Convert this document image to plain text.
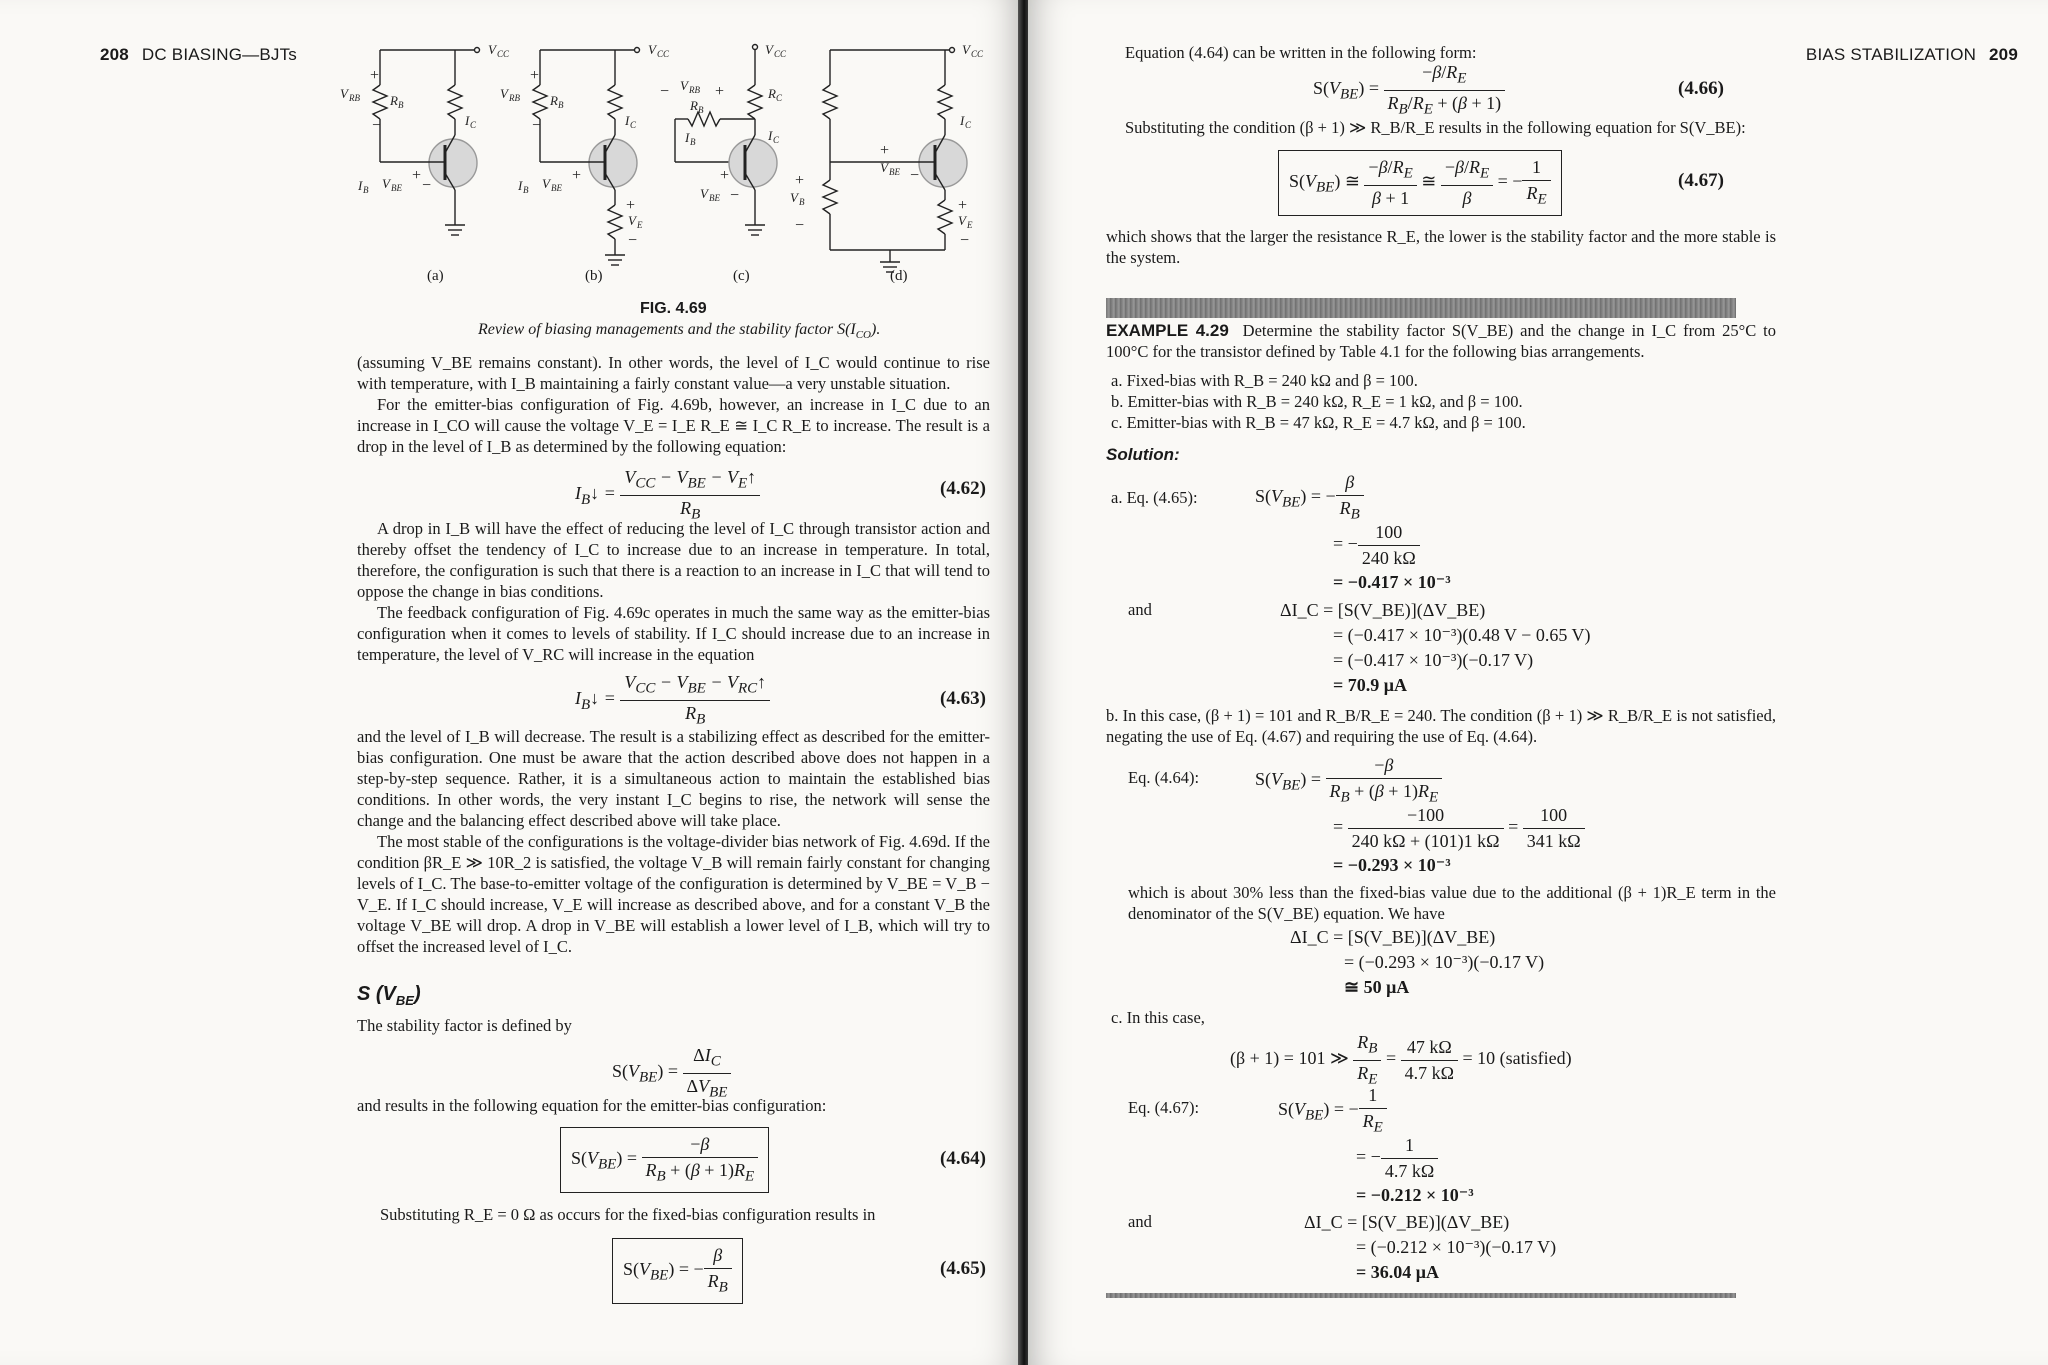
208 DC BIASING—BJTs	V CC
V RB R B
I C
I B V BE
+
−
+
−
V CC
V RB R B
I C
I B V BE
V E
+
−
+
+
−
V CC
V RB
R B
R C
I C
I B
V BE
−	+
+
−
V CC
I C
V BE
V B
V E
+
−
+
−
+
−
(a)	(b)	(c)	(d)
FIG. 4.69
Review of biasing managements and the stability factor $S(I_{CO})$.

(assuming V_BE remains constant). In other words, the level of I_C would continue to rise with temperature, with I_B maintaining a fairly constant value—a very unstable situation.

For the emitter-bias configuration of Fig. 4.69b, however, an increase in I_C due to an increase in I_CO will cause the voltage V_E = I_E R_E ≅ I_C R_E to increase. The result is a drop in the level of I_B as determined by the following equation:

$I_B↓ = \frac{V_{CC} - V_{BE} - V_E↑}{R_B}$	(4.62)

A drop in I_B will have the effect of reducing the level of I_C through transistor action and thereby offset the tendency of I_C to increase due to an increase in temperature. In total, therefore, the configuration is such that there is a reaction to an increase in I_C that will tend to oppose the change in bias conditions.

The feedback configuration of Fig. 4.69c operates in much the same way as the emitter-bias configuration when it comes to levels of stability. If I_C should increase due to an increase in temperature, the level of V_RC will increase in the equation

$I_B↓ = \frac{V_{CC} - V_{BE} - V_{RC}↑}{R_B}$	(4.63)

and the level of I_B will decrease. The result is a stabilizing effect as described for the emitter-bias configuration. One must be aware that the action described above does not happen in a step-by-step sequence. Rather, it is a simultaneous action to maintain the established bias conditions. In other words, the very instant I_C begins to rise, the network will sense the change and the balancing effect described above will take place.

The most stable of the configurations is the voltage-divider bias network of Fig. 4.69d. If the condition βR_E ≫ 10R_2 is satisfied, the voltage V_B will remain fairly constant for changing levels of I_C. The base-to-emitter voltage of the configuration is determined by V_BE = V_B − V_E. If I_C should increase, V_E will increase as described above, and for a constant V_B the voltage V_BE will drop. A drop in V_BE will establish a lower level of I_B, which will try to offset the increased level of I_C.

S $(V_{BE})$

The stability factor is defined by

$S(V_{BE}) = \frac{\Delta I_C}{\Delta V_{BE}}$

and results in the following equation for the emitter-bias configuration:

$S(V_{BE}) = \frac{-\beta}{R_B + (\beta + 1)R_E}$	(4.64)

Substituting R_E = 0 Ω as occurs for the fixed-bias configuration results in

$S(V_{BE})$ = − $\frac{\beta}{R_B}$	(4.65)
BIAS STABILIZATION 209

Equation (4.64) can be written in the following form:

$S(V_{BE}) = \frac{-\beta/R_E}{R_B/R_E + (\beta + 1)}$	(4.66)

Substituting the condition (β + 1) ≫ R_B/R_E results in the following equation for S(V_BE):

$S(V_{BE})$ ≅ $\frac{-\beta/R_E}{\beta + 1}$ ≅ $\frac{-\beta/R_E}{\beta}$ = − $\frac{1}{R_E}$	(4.67)

which shows that the larger the resistance R_E, the lower is the stability factor and the more stable is the system.

EXAMPLE 4.29 Determine the stability factor S(V_BE) and the change in I_C from 25°C to 100°C for the transistor defined by Table 4.1 for the following bias arrangements.

a. Fixed-bias with R_B = 240 kΩ and β = 100.

b. Emitter-bias with R_B = 240 kΩ, R_E = 1 kΩ, and β = 100.

c. Emitter-bias with R_B = 47 kΩ, R_E = 4.7 kΩ, and β = 100.

Solution:
a. Eq. (4.65):	$S(V_{BE})$ = − $\frac{\beta}{R_B}$
= − $\frac{100}{240 k\Omega}$
= −0.417 × 10⁻³
and	ΔI_C = [S(V_BE)](ΔV_BE)
= (−0.417 × 10⁻³)(0.48 V − 0.65 V)
= (−0.417 × 10⁻³)(−0.17 V)
= 70.9 μA

b. In this case, (β + 1) = 101 and R_B/R_E = 240. The condition (β + 1) ≫ R_B/R_E is not satisfied, negating the use of Eq. (4.67) and requiring the use of Eq. (4.64).

Eq. (4.64):	$S(V_{BE}) = \frac{-\beta}{R_B + (\beta + 1)R_E}$
= $\frac{-100}{240 k\Omega + (101)1 k\Omega} = \frac{100}{341 k\Omega}$
= −0.293 × 10⁻³

which is about 30% less than the fixed-bias value due to the additional (β + 1)R_E term in the denominator of the S(V_BE) equation. We have

ΔI_C = [S(V_BE)](ΔV_BE)
= (−0.293 × 10⁻³)(−0.17 V)
≅ 50 μA
c. In this case,
(β + 1) = 101 ≫ $\frac{R_B}{R_E} = \frac{47 k\Omega}{4.7 k\Omega} = 10$ (satisfied)
Eq. (4.67):	$S(V_{BE})$ = − $\frac{1}{R_E}$
= − $\frac{1}{4.7 k\Omega}$
= −0.212 × 10⁻³
and	ΔI_C = [S(V_BE)](ΔV_BE)
= (−0.212 × 10⁻³)(−0.17 V)
= 36.04 μA
